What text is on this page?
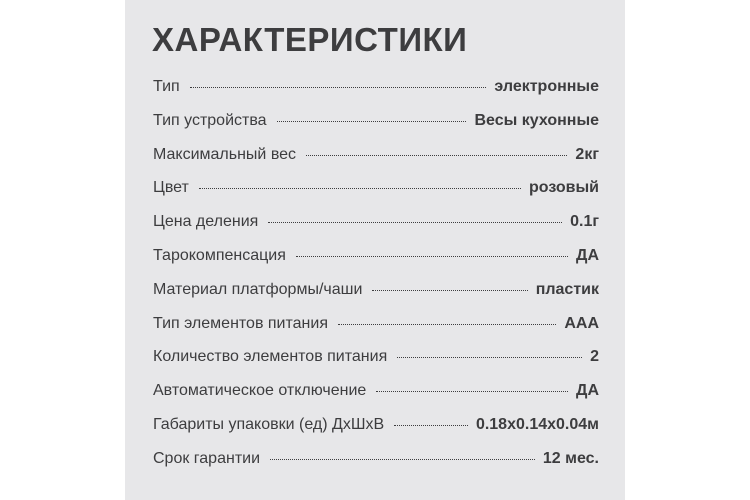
ХАРАКТЕРИСТИКИ
Тип	электронные
Тип устройства	Весы кухонные
Максимальный вес	2кг
Цвет	розовый
Цена деления	0.1г
Тарокомпенсация	ДА
Материал платформы/чаши	пластик
Тип элементов питания	ААА
Количество элементов питания	2
Автоматическое отключение	ДА
Габариты упаковки (ед) ДхШхВ	0.18x0.14x0.04м
Срок гарантии	12 мес.
